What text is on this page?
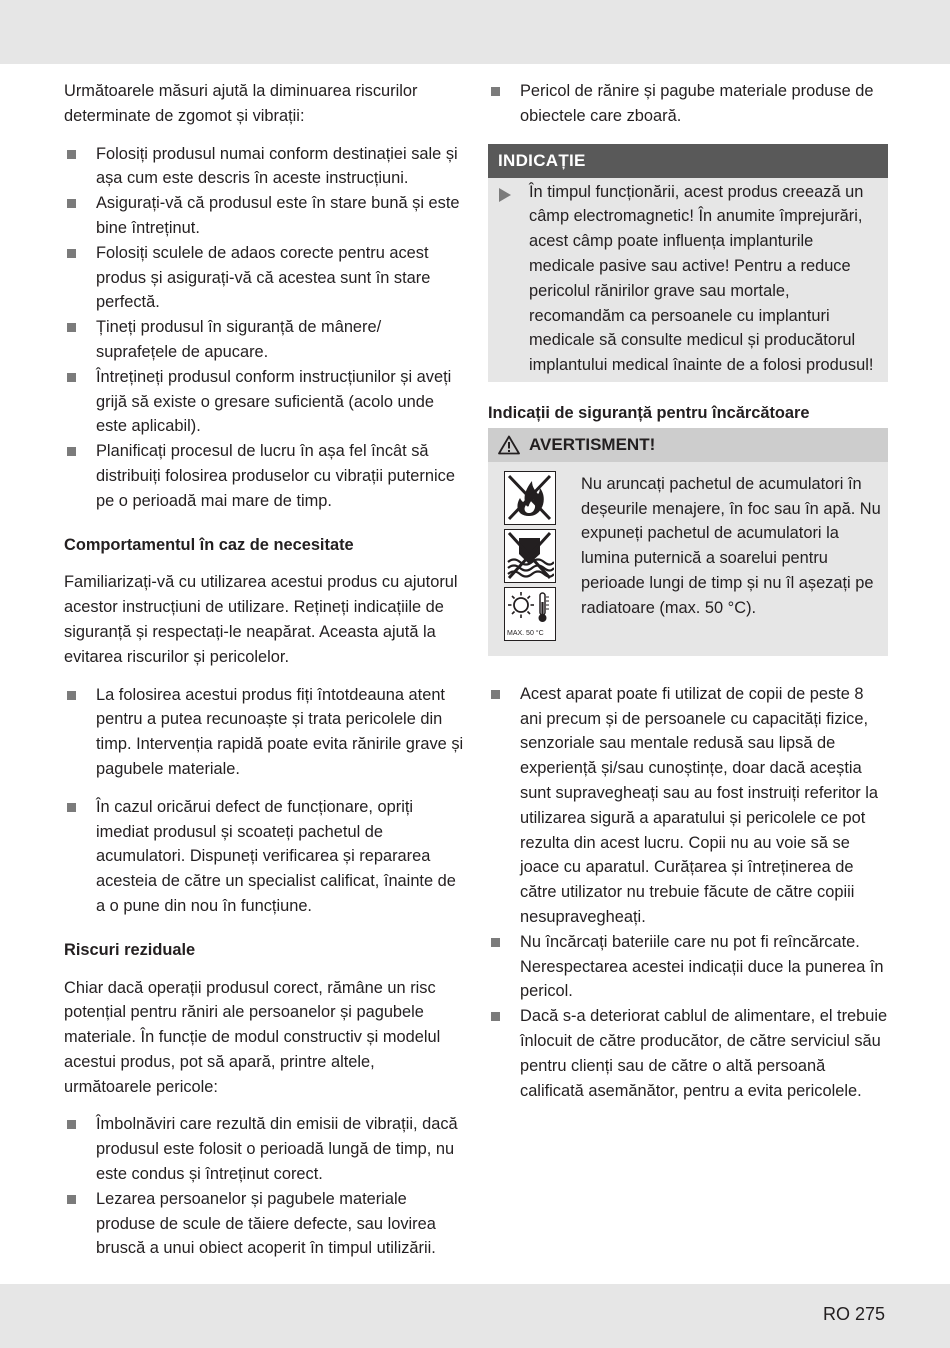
Următoarele măsuri ajută la diminuarea riscurilor determinate de zgomot și vibrații:

Folosiți produsul numai conform destinației sale și așa cum este descris în aceste instrucțiuni.
Asigurați-vă că produsul este în stare bună și este bine întreținut.
Folosiți sculele de adaos corecte pentru acest produs și asigurați-vă că acestea sunt în stare perfectă.
Țineți produsul în siguranță de mânere/ suprafețele de apucare.
Întrețineți produsul conform instrucțiunilor și aveți grijă să existe o gresare suficientă (acolo unde este aplicabil).
Planificați procesul de lucru în așa fel încât să distribuiți folosirea produselor cu vibrații puternice pe o perioadă mai mare de timp.
Comportamentul în caz de necesitate

Familiarizați-vă cu utilizarea acestui produs cu ajutorul acestor instrucțiuni de utilizare. Rețineți indicațiile de siguranță și respectați-le neapărat. Aceasta ajută la evitarea riscurilor și pericolelor.

La folosirea acestui produs fiți întotdeauna atent pentru a putea recunoaște și trata pericolele din timp. Intervenția rapidă poate evita rănirile grave și pagubele materiale.
În cazul oricărui defect de funcționare, opriți imediat produsul și scoateți pachetul de acumulatori. Dispuneți verificarea și repararea acesteia de către un specialist calificat, înainte de a o pune din nou în funcțiune.
Riscuri reziduale

Chiar dacă operații produsul corect, rămâne un risc potențial pentru răniri ale persoanelor și pagubele materiale. În funcție de modul constructiv și modelul acestui produs, pot să apară, printre altele, următoarele pericole:

Îmbolnăviri care rezultă din emisii de vibrații, dacă produsul este folosit o perioadă lungă de timp, nu este condus și întreținut corect.
Lezarea persoanelor și pagubele materiale produse de scule de tăiere defecte, sau lovirea bruscă a unui obiect acoperit în timpul utilizării.
Pericol de rănire și pagube materiale produse de obiectele care zboară.
INDICAȚIE

În timpul funcționării, acest produs creează un câmp electromagnetic! În anumite împrejurări, acest câmp poate influența implanturile medicale pasive sau active! Pentru a reduce pericolul rănirilor grave sau mortale, recomandăm ca persoanele cu implanturi medicale să consulte medicul și producătorul implantului medical înainte de a folosi produsul!

Indicații de siguranță pentru încărcătoare
AVERTISMENT!
MAX. 50 °C

Nu aruncați pachetul de acumulatori în deșeurile menajere, în foc sau în apă. Nu expuneți pachetul de acumulatori la lumina puternică a soarelui pentru perioade lungi de timp și nu îl așezați pe radiatoare (max. 50 °C).

Acest aparat poate fi utilizat de copii de peste 8 ani precum și de persoanele cu capacități fizice, senzoriale sau mentale redusă sau lipsă de experiență și/sau cunoștințe, doar dacă aceștia sunt supravegheați sau au fost instruiți referitor la utilizarea sigură a aparatului și pericolele ce pot rezulta din acest lucru. Copii nu au voie să se joace cu aparatul. Curățarea și întreținerea de către utilizator nu trebuie făcute de către copiii nesupravegheați.
Nu încărcați bateriile care nu pot fi reîncărcate. Nerespectarea acestei indicații duce la punerea în pericol.
Dacă s-a deteriorat cablul de alimentare, el trebuie înlocuit de către producător, de către serviciul său pentru clienți sau de către o altă persoană calificată asemănător, pentru a evita pericolele.
RO 275
